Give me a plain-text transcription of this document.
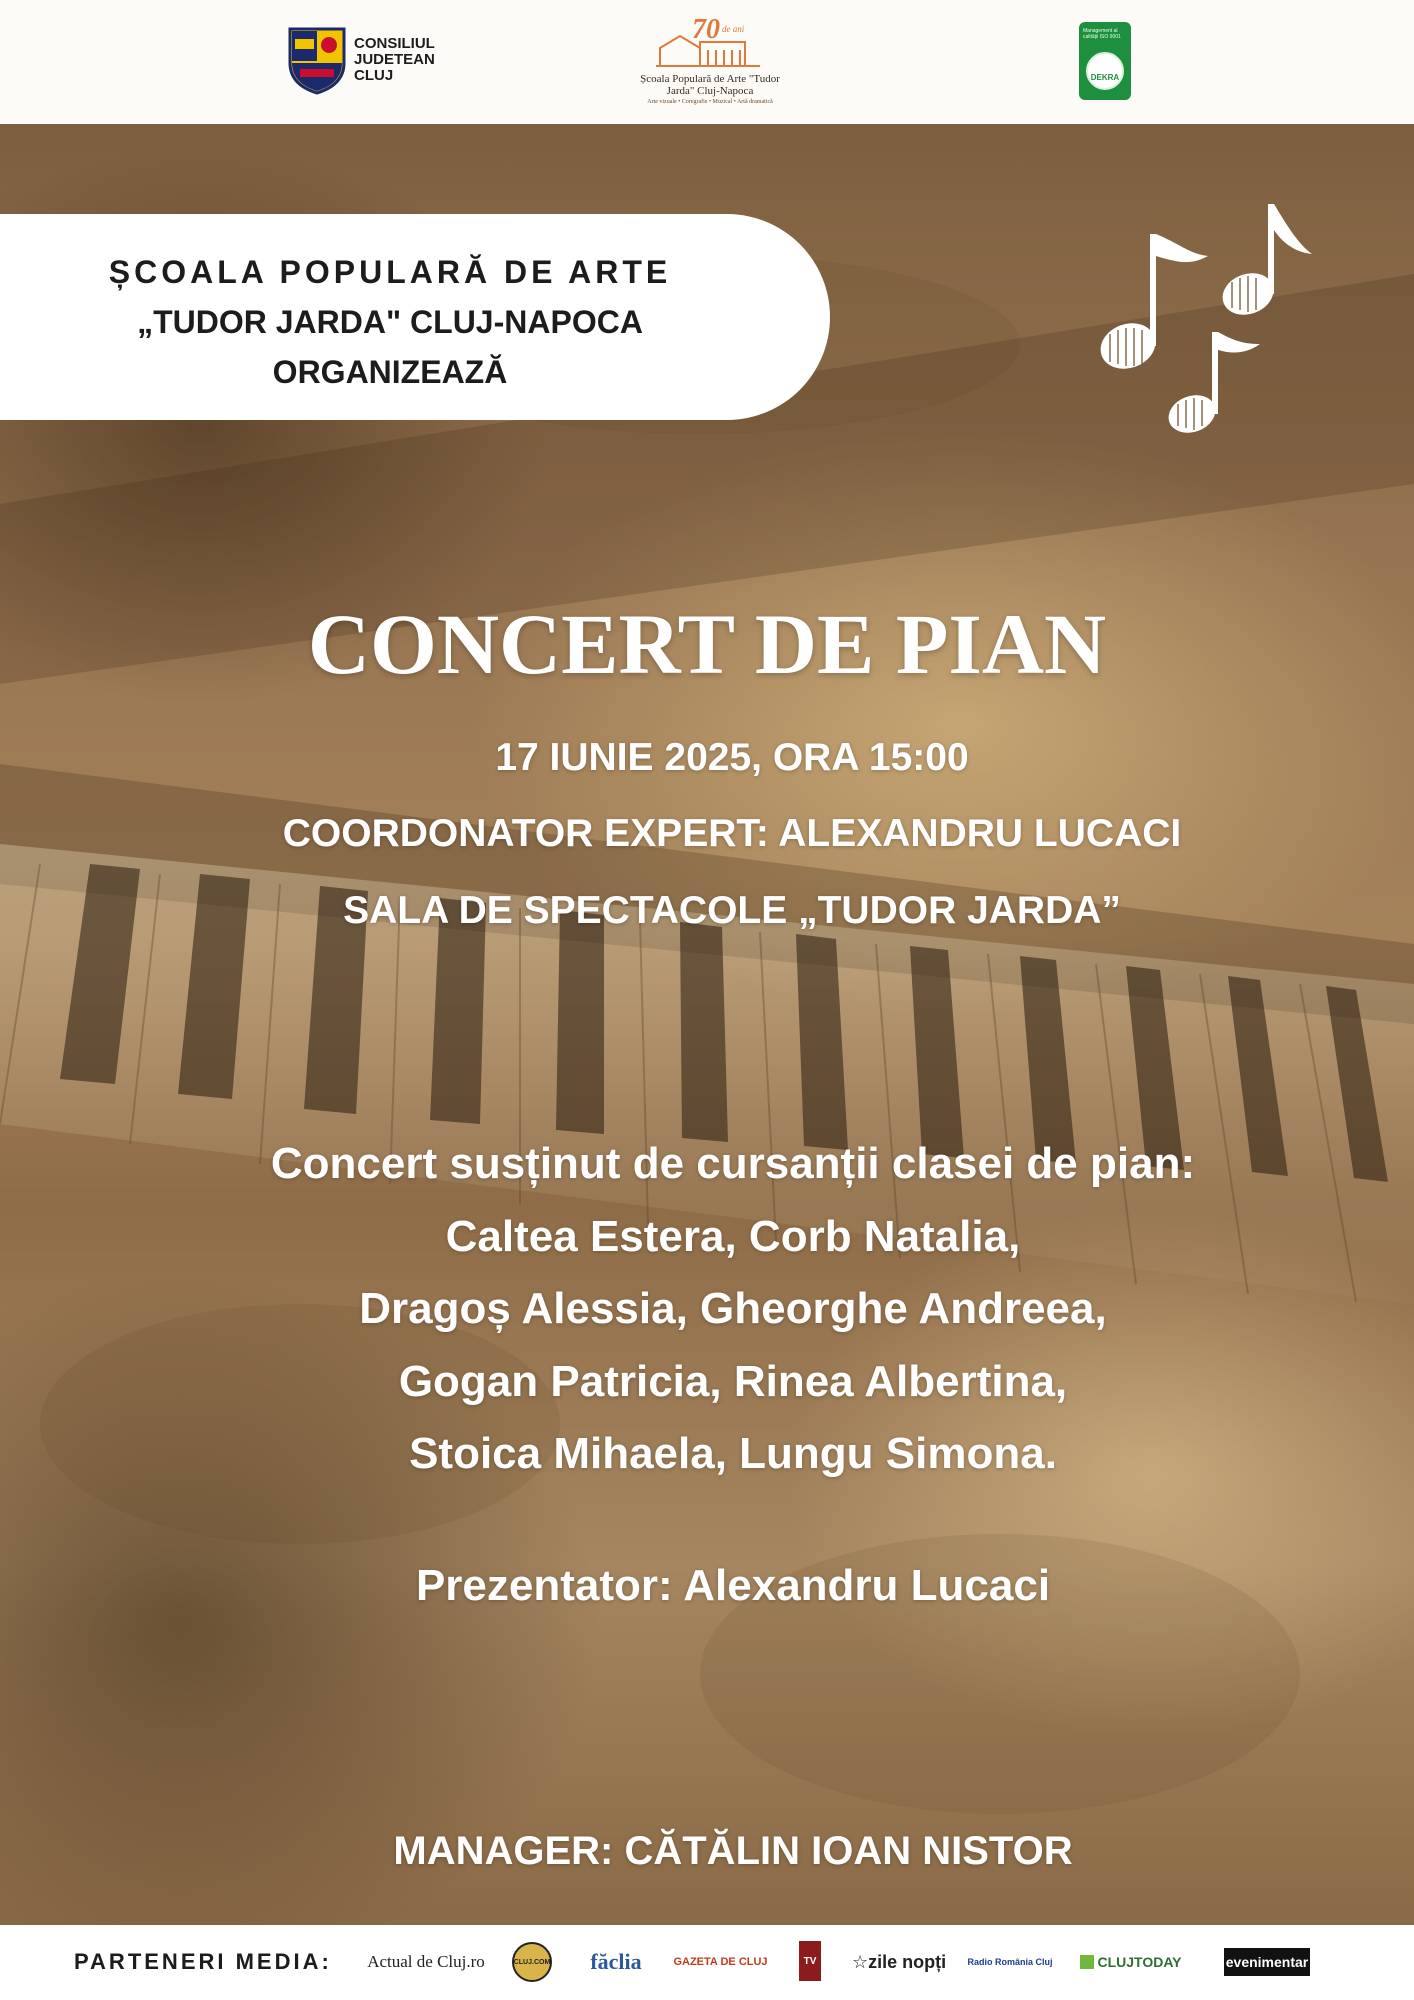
CONSILIUL
JUDETEAN
CLUJ
70 de ani
Școala Populară de Arte "Tudor Jarda" Cluj-Napoca
Arte vizuale • Coregrafie • Muzical • Artă dramatică
Management al calității ISO 9001
DEKRA
ȘCOALA POPULARĂ DE ARTE
„TUDOR JARDA" CLUJ-NAPOCA
ORGANIZEAZĂ
CONCERT DE PIAN
17 IUNIE 2025, ORA 15:00
COORDONATOR EXPERT: ALEXANDRU LUCACI
SALA DE SPECTACOLE „TUDOR JARDA”
Concert susținut de cursanții clasei de pian:
Caltea Estera, Corb Natalia,
Dragoș Alessia, Gheorghe Andreea,
Gogan Patricia, Rinea Albertina,
Stoica Mihaela, Lungu Simona.
Prezentator: Alexandru Lucaci
MANAGER: CĂTĂLIN IOAN NISTOR
PARTENERI MEDIA: Actual de Cluj.ro	CLUJ.COM făclia	GAZETA DE CLUJ	TV ☆ zile nopți Radio România Cluj	CLUJTODAY	evenimentar
